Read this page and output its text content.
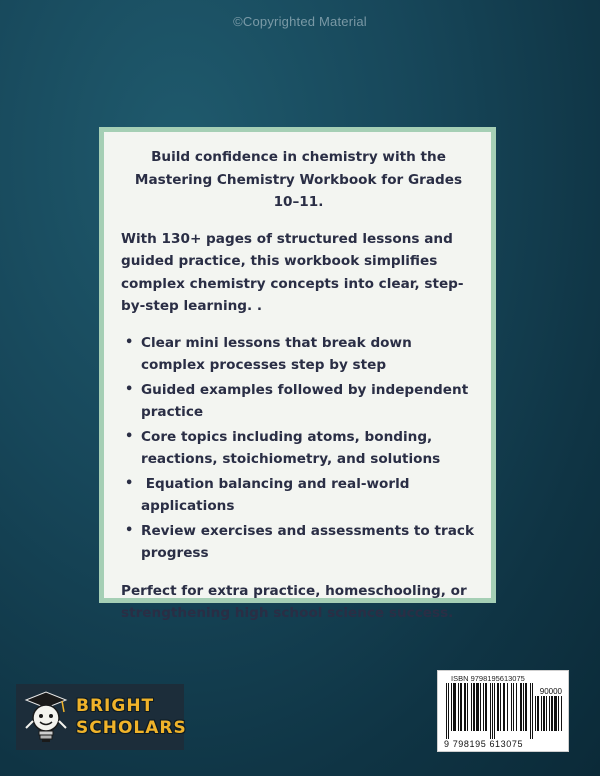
©Copyrighted Material

Build confidence in chemistry with the Mastering Chemistry Workbook for Grades 10–11.

With 130+ pages of structured lessons and guided practice, this workbook simplifies complex chemistry concepts into clear, step-by-step learning. .

• Clear mini lessons that break down complex processes step by step
• Guided examples followed by independent practice
• Core topics including atoms, bonding, reactions, stoichiometry, and solutions
• Equation balancing and real-world applications
• Review exercises and assessments to track progress

Perfect for extra practice, homeschooling, or strengthening high school science success.

BRIGHT
SCHOLARS
ISBN 9798195613075
90000
9 798195 613075
